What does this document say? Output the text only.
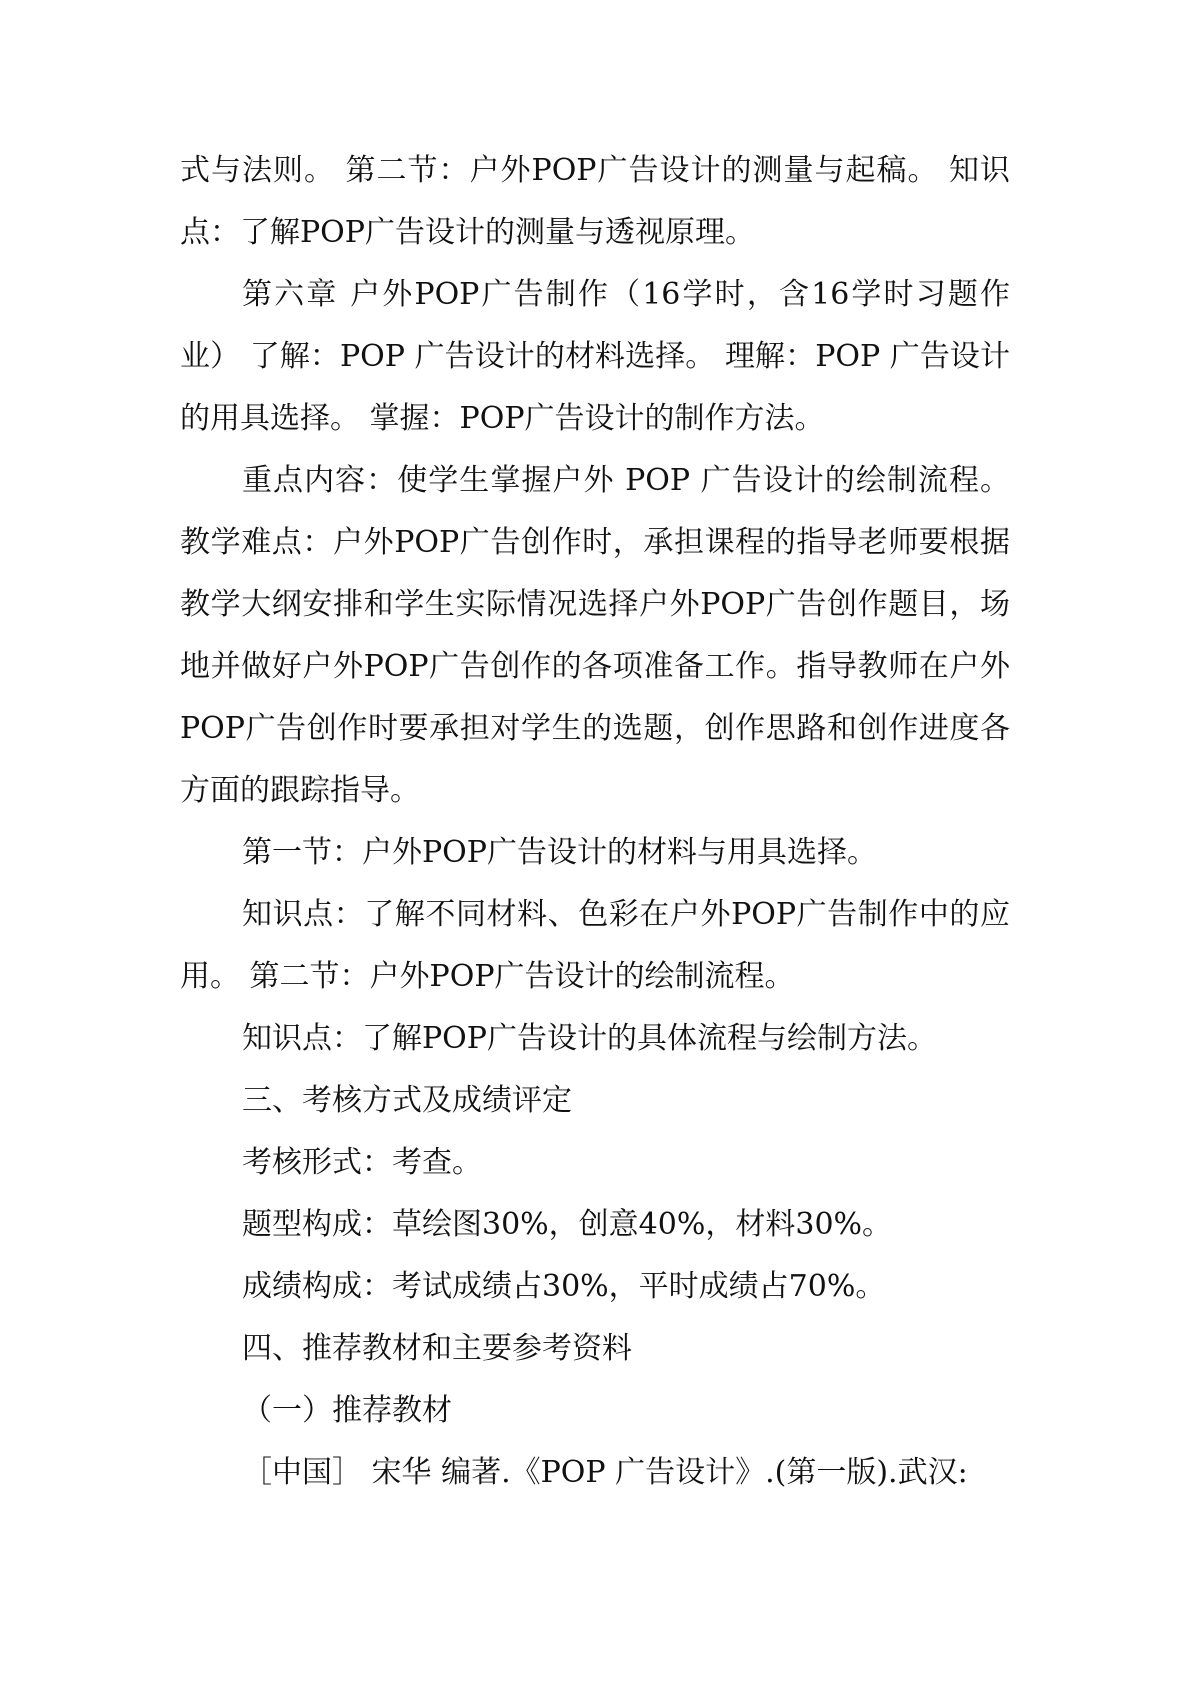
式与法则。 第二节：户外POP广告设计的测量与起稿。 知识点：了解POP广告设计的测量与透视原理。

第六章 户外POP广告制作（16学时，含16学时习题作业） 了解：POP 广告设计的材料选择。 理解：POP 广告设计的用具选择。 掌握：POP广告设计的制作方法。

重点内容：使学生掌握户外 POP 广告设计的绘制流程。教学难点：户外POP广告创作时，承担课程的指导老师要根据教学大纲安排和学生实际情况选择户外POP广告创作题目，场地并做好户外POP广告创作的各项准备工作。指导教师在户外POP广告创作时要承担对学生的选题，创作思路和创作进度各方面的跟踪指导。

第一节：户外POP广告设计的材料与用具选择。

知识点：了解不同材料、色彩在户外POP广告制作中的应用。 第二节：户外POP广告设计的绘制流程。

知识点：了解POP广告设计的具体流程与绘制方法。

三、考核方式及成绩评定

考核形式：考查。

题型构成：草绘图30%，创意40%，材料30%。

成绩构成：考试成绩占30%，平时成绩占70%。

四、推荐教材和主要参考资料

（一）推荐教材

［中国］ 宋华 编著.《POP 广告设计》.(第一版).武汉:
